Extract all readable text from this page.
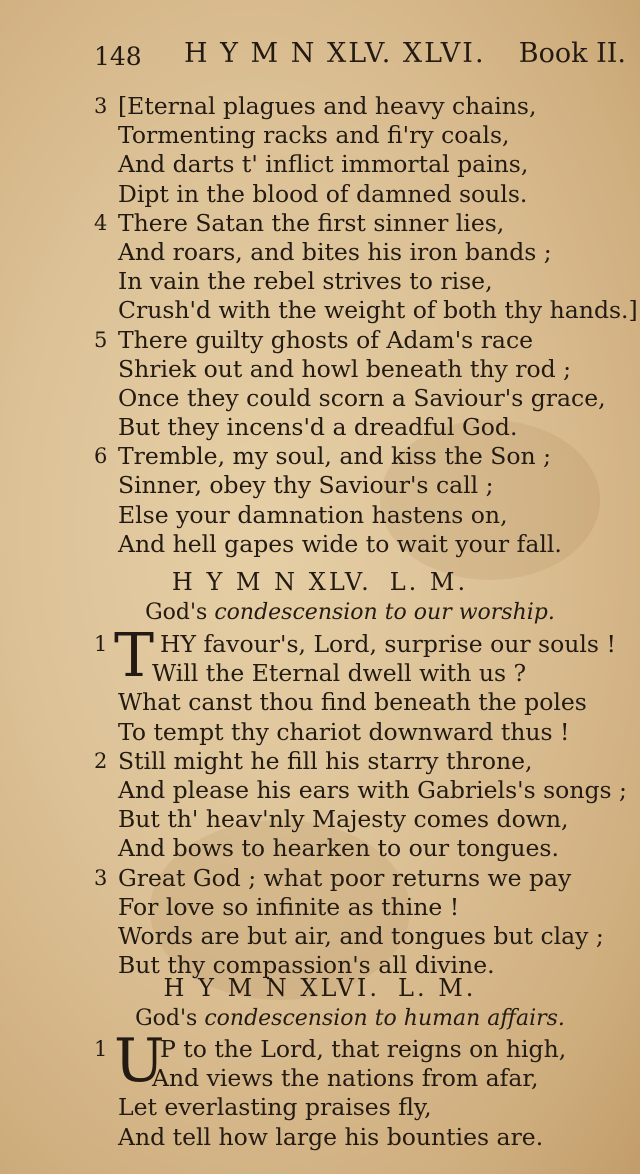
148 H Y M N XLV. XLVI. Book II.
3 [Eternal plagues and heavy chains,
Tormenting racks and fi'ry coals,
And darts t' inflict immortal pains,
Dipt in the blood of damned souls.
4 There Satan the first sinner lies,
And roars, and bites his iron bands ;
In vain the rebel strives to rise,
Crush'd with the weight of both thy hands.]
5 There guilty ghosts of Adam's race
Shriek out and howl beneath thy rod ;
Once they could scorn a Saviour's grace,
But they incens'd a dreadful God.
6 Tremble, my soul, and kiss the Son ;
Sinner, obey thy Saviour's call ;
Else your damnation hastens on,
And hell gapes wide to wait your fall.
H Y M N XLV. L. M.
God's condescension to our worship.
1 T HY favour's, Lord, surprise our souls !
Will the Eternal dwell with us ?
What canst thou find beneath the poles
To tempt thy chariot downward thus !
2 Still might he fill his starry throne,
And please his ears with Gabriels's songs ;
But th' heav'nly Majesty comes down,
And bows to hearken to our tongues.
3 Great God ; what poor returns we pay
For love so infinite as thine !
Words are but air, and tongues but clay ;
But thy compassion's all divine.
H Y M N XLVI. L. M.
God's condescension to human affairs.
1 U
P to the Lord, that reigns on high,
And views the nations from afar,
Let everlasting praises fly,
And tell how large his bounties are.
